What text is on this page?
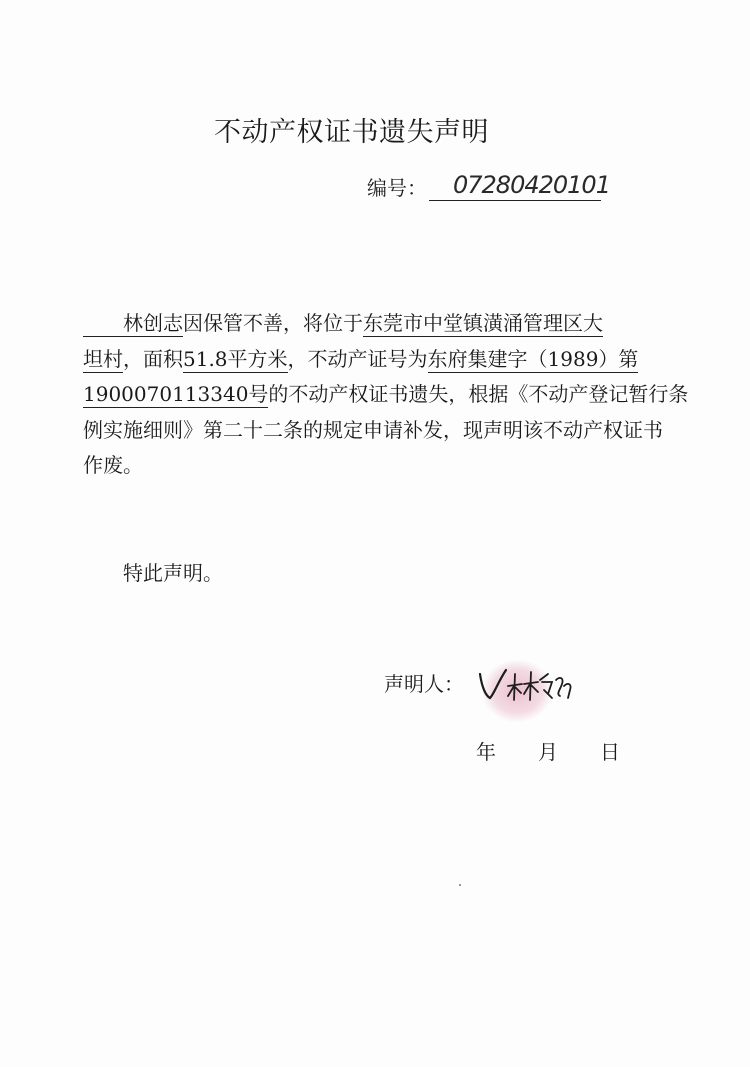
不动产权证书遗失声明
编号：	07280420101
林创志因保管不善，将位于东莞市中堂镇潢涌管理区大
坦村，面积51.8平方米，不动产证号为东府集建字（1989）第
1900070113340号的不动产权证书遗失，根据《不动产登记暂行条
例实施细则》第二十二条的规定申请补发，现声明该不动产权证书
作废。
特此声明。
声明人：
年 月 日
